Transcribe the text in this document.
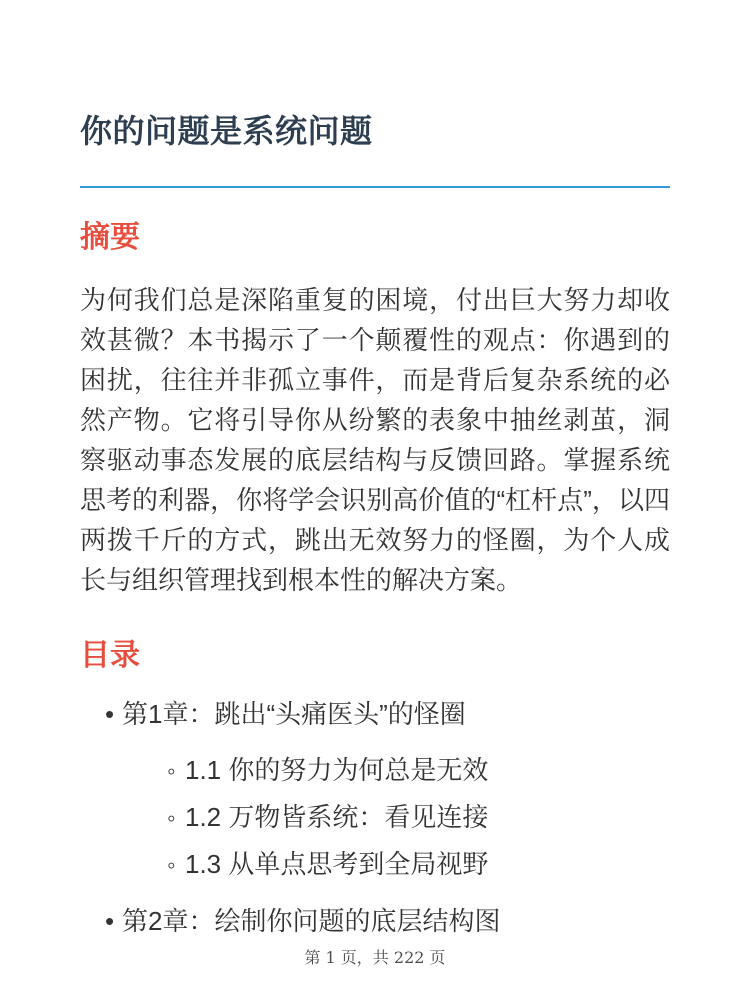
你的问题是系统问题
摘要

为何我们总是深陷重复的困境，付出巨大努力却收效甚微？本书揭示了一个颠覆性的观点：你遇到的困扰，往往并非孤立事件，而是背后复杂系统的必然产物。它将引导你从纷繁的表象中抽丝剥茧，洞察驱动事态发展的底层结构与反馈回路。掌握系统思考的利器，你将学会识别高价值的“杠杆点”，以四两拨千斤的方式，跳出无效努力的怪圈，为个人成长与组织管理找到根本性的解决方案。

目录
• 第1章：跳出“头痛医头”的怪圈
◦ 1.1 你的努力为何总是无效
◦ 1.2 万物皆系统：看见连接
◦ 1.3 从单点思考到全局视野
• 第2章：绘制你问题的底层结构图
第 1 页，共 222 页
